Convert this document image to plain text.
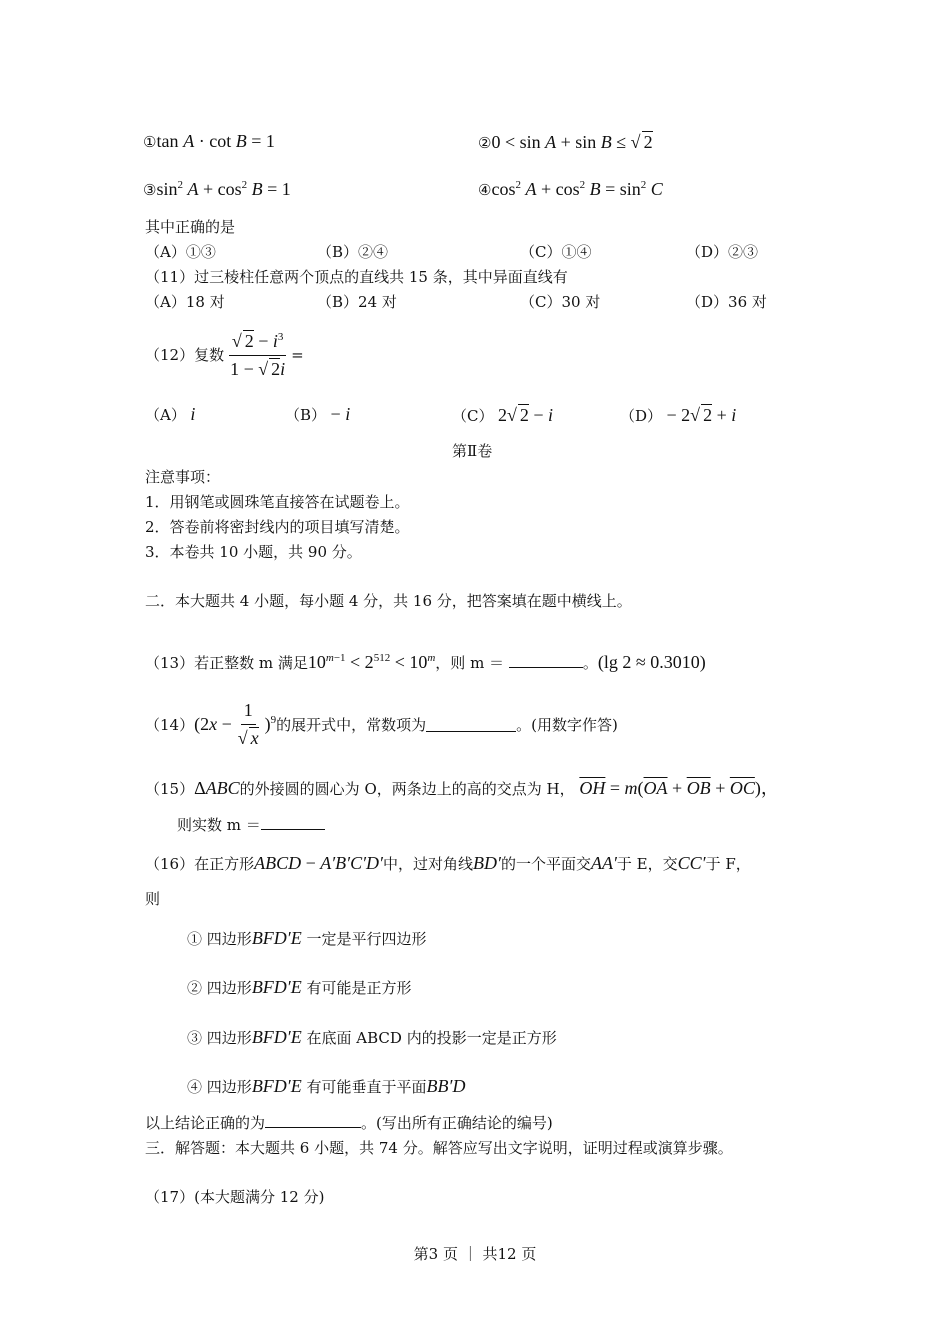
①tan A · cot B = 1	②0 < sin A + sin B ≤ √ 2
$③\sin^2$ $A + \cos^2 B = 1$	$④\cos^2$ $A + \cos^2 B = \sin^2 C$
其中正确的是
（A）①③	（B）②④	（C）①④	（D）②③
（11）过三棱柱任意两个顶点的直线共 15 条，其中异面直线有
（A）18 对	（B）24 对	（C）30 对	（D）36 对
（12）复数 $\frac{√ 2 - i^3}{1 - √ 2i}$ =
（A） i	（B） − i	（C） 2√ 2 − i	（D） − 2√ 2 + i
第Ⅱ卷
注意事项：
1．用钢笔或圆珠笔直接答在试题卷上。
2．答卷前将密封线内的项目填写清楚。
3．本卷共 10 小题，共 90 分。
二．本大题共 4 小题，每小题 4 分，共 16 分，把答案填在题中横线上。
（13）若正整数 m 满足$10^{m-1} < 2^{512} < 10^m$，则 m ＝	。(lg 2 ≈ 0.3010)
（14） $(2x - \frac{1}{√ x} )^9$ 的展开式中，常数项为	。(用数字作答)
（15）ΔABC的外接圆的圆心为 O，两条边上的高的交点为 H， $\overline{OH} = m(\overline{OA} + \overline{OB} + \overline{OC})$，
则实数 m ＝
（16）在正方形ABCD − A′B′C′D′中，过对角线BD′的一个平面交AA′于 E，交CC′于 F，
则
① 四边形BFD′E 一定是平行四边形
② 四边形BFD′E 有可能是正方形
③ 四边形BFD′E 在底面 ABCD 内的投影一定是正方形
④ 四边形BFD′E 有可能垂直于平面BB′D
以上结论正确的为	。(写出所有正确结论的编号)
三．解答题：本大题共 6 小题，共 74 分。解答应写出文字说明，证明过程或演算步骤。
（17）(本大题满分 12 分)
第3 页 ｜ 共12 页
